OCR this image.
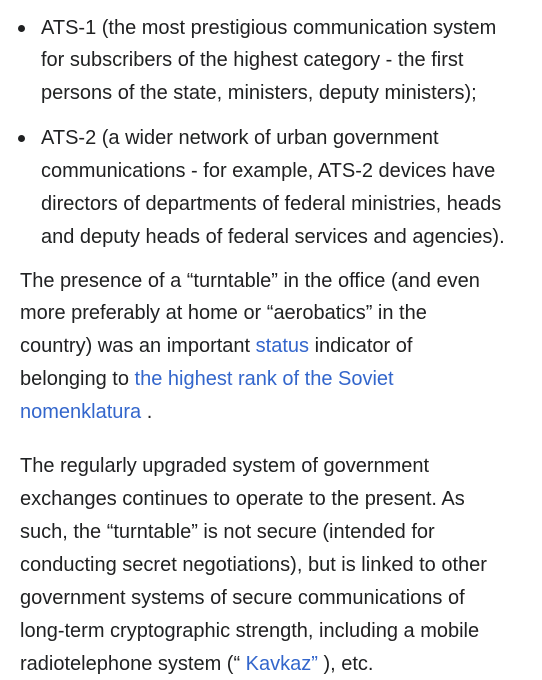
ATS-1 (the most prestigious communication system
for subscribers of the highest category - the first
persons of the state, ministers, deputy ministers);
ATS-2 (a wider network of urban government
communications - for example, ATS-2 devices have
directors of departments of federal ministries, heads
and deputy heads of federal services and agencies).
The presence of a “turntable” in the office (and even
more preferably at home or “aerobatics” in the
country) was an important status indicator of
belonging to the highest rank of the Soviet
nomenklatura .
The regularly upgraded system of government
exchanges continues to operate to the present. As
such, the “turntable” is not secure (intended for
conducting secret negotiations), but is linked to other
government systems of secure communications of
long-term cryptographic strength, including a mobile
radiotelephone system (“ Kavkaz” ), etc.
